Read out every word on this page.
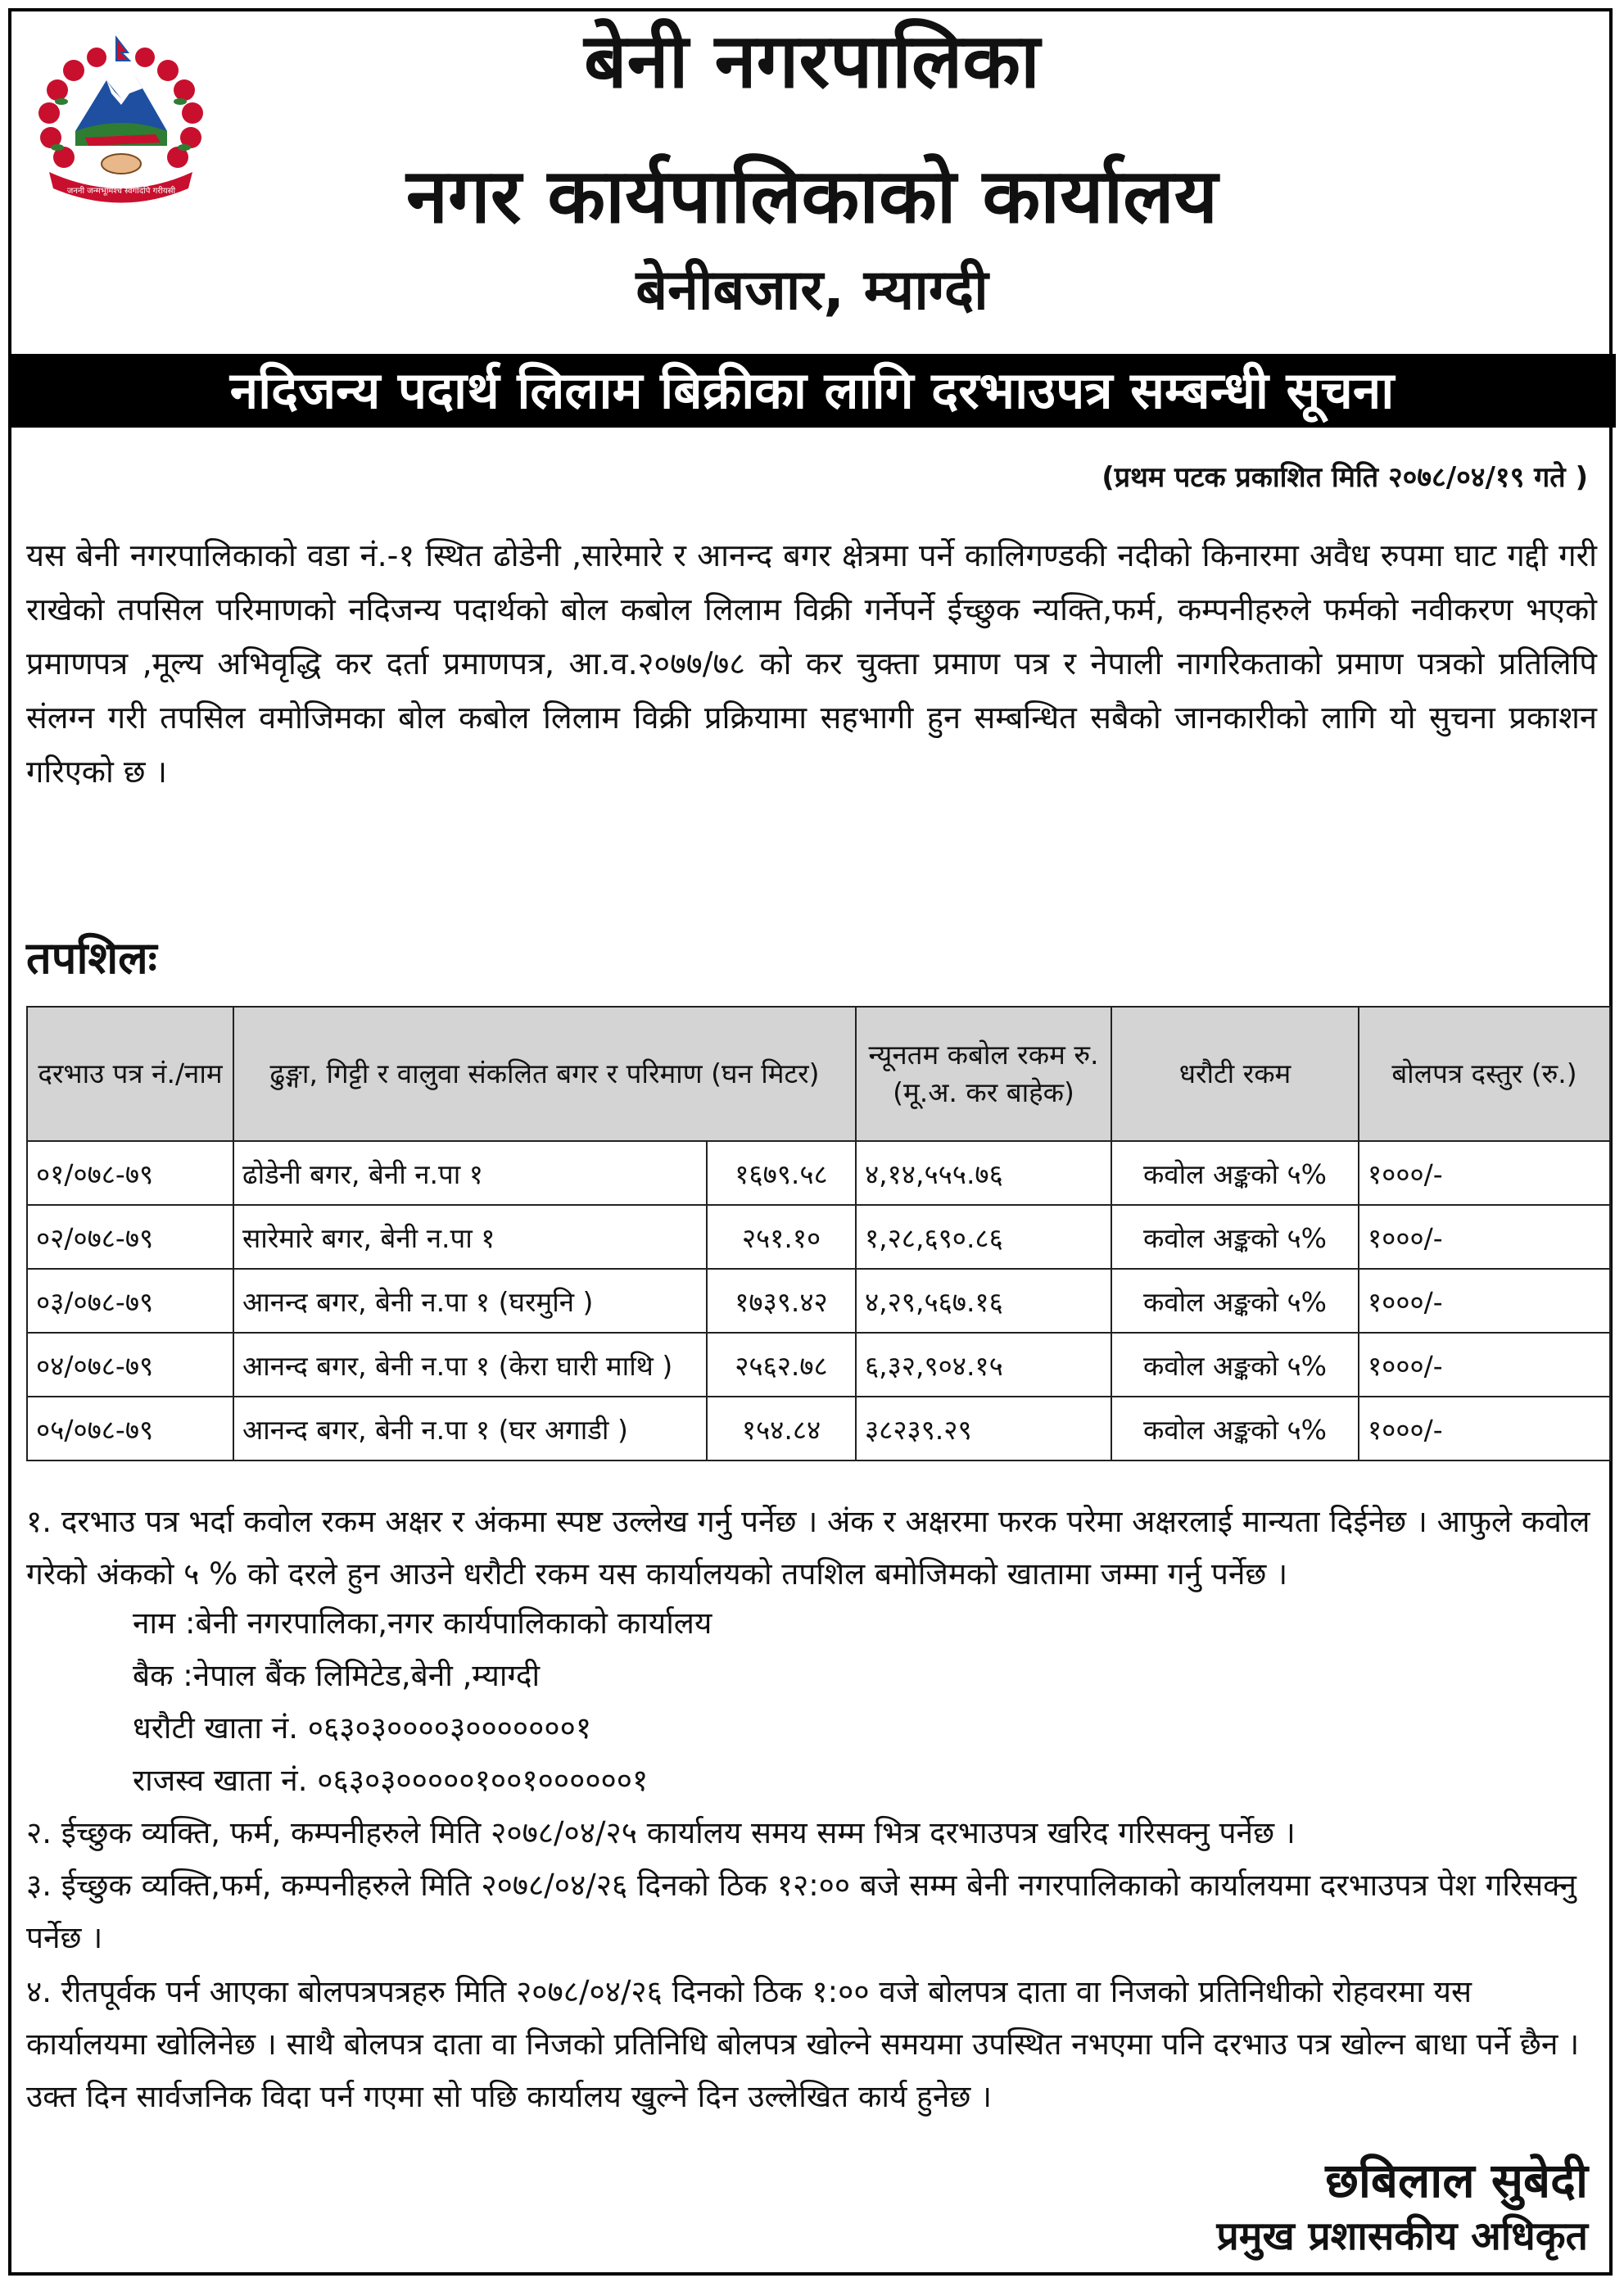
जननी जन्मभूमिश्च स्वर्गादपि गरीयसी
बेनी नगरपालिका
नगर कार्यपालिकाको कार्यालय
बेनीबजार, म्याग्दी
नदिजन्य पदार्थ लिलाम बिक्रीका लागि दरभाउपत्र सम्बन्धी सूचना
(प्रथम पटक प्रकाशित मिति २०७८/०४/१९ गते )
यस बेनी नगरपालिकाको वडा नं.-१ स्थित ढोडेनी ,सारेमारे र आनन्द बगर क्षेत्रमा पर्ने कालिगण्डकी नदीको किनारमा अवैध रुपमा घाट गद्दी गरी राखेको तपसिल परिमाणको नदिजन्य पदार्थको बोल कबोल लिलाम विक्री गर्नेपर्ने ईच्छुक न्यक्ति,फर्म, कम्पनीहरुले फर्मको नवीकरण भएको प्रमाणपत्र ,मूल्य अभिवृद्धि कर दर्ता प्रमाणपत्र, आ.व.२०७७/७८ को कर चुक्ता प्रमाण पत्र र नेपाली नागरिकताको प्रमाण पत्रको प्रतिलिपि संलग्न गरी तपसिल वमोजिमका बोल कबोल लिलाम विक्री प्रक्रियामा सहभागी हुन सम्बन्धित सबैको जानकारीको लागि यो सुचना प्रकाशन गरिएको छ ।
तपशिलः
दरभाउ पत्र नं./नाम	ढुङ्गा, गिट्टी र वालुवा संकलित बगर र परिमाण (घन मिटर)		न्यूनतम कबोल रकम रु.(मू.अ. कर बाहेक)	धरौटी रकम	बोलपत्र दस्तुर (रु.)
०१/०७८-७९	ढोडेनी बगर, बेनी न.पा १	१६७९.५८	४,१४,५५५.७६	कवोल अङ्कको ५%	१०००/-
०२/०७८-७९	सारेमारे बगर, बेनी न.पा १	२५१.१०	१,२८,६९०.८६	कवोल अङ्कको ५%	१०००/-
०३/०७८-७९	आनन्द बगर, बेनी न.पा १ (घरमुनि )	१७३९.४२	४,२९,५६७.१६	कवोल अङ्कको ५%	१०००/-
०४/०७८-७९	आनन्द बगर, बेनी न.पा १ (केरा घारी माथि )	२५६२.७८	६,३२,९०४.१५	कवोल अङ्कको ५%	१०००/-
०५/०७८-७९	आनन्द बगर, बेनी न.पा १ (घर अगाडी )	१५४.८४	३८२३९.२९	कवोल अङ्कको ५%	१०००/-
१. दरभाउ पत्र भर्दा कवोल रकम अक्षर र अंकमा स्पष्ट उल्लेख गर्नु पर्नेछ । अंक र अक्षरमा फरक परेमा अक्षरलाई मान्यता दिईनेछ । आफुले कवोल गरेको अंकको ५ % को दरले हुन आउने धरौटी रकम यस कार्यालयको तपशिल बमोजिमको खातामा जम्मा गर्नु पर्नेछ ।
नाम :बेनी नगरपालिका,नगर कार्यपालिकाको कार्यालय
बैक :नेपाल बैंक लिमिटेड,बेनी ,म्याग्दी
धरौटी खाता नं. ०६३०३००००३०००००००१
राजस्व खाता नं. ०६३०३०००००१००१००००००१
२. ईच्छुक व्यक्ति, फर्म, कम्पनीहरुले मिति २०७८/०४/२५ कार्यालय समय सम्म भित्र दरभाउपत्र खरिद गरिसक्नु पर्नेछ ।
३. ईच्छुक व्यक्ति,फर्म, कम्पनीहरुले मिति २०७८/०४/२६ दिनको ठिक १२:०० बजे सम्म बेनी नगरपालिकाको कार्यालयमा दरभाउपत्र पेश गरिसक्नु पर्नेछ ।
४. रीतपूर्वक पर्न आएका बोलपत्रपत्रहरु मिति २०७८/०४/२६ दिनको ठिक १:०० वजे बोलपत्र दाता वा निजको प्रतिनिधीको रोहवरमा यस कार्यालयमा खोलिनेछ । साथै बोलपत्र दाता वा निजको प्रतिनिधि बोलपत्र खोल्ने समयमा उपस्थित नभएमा पनि दरभाउ पत्र खोल्न बाधा पर्ने छैन । उक्त दिन सार्वजनिक विदा पर्न गएमा सो पछि कार्यालय खुल्ने दिन उल्लेखित कार्य हुनेछ ।
छबिलाल सुबेदी
प्रमुख प्रशासकीय अधिकृत
